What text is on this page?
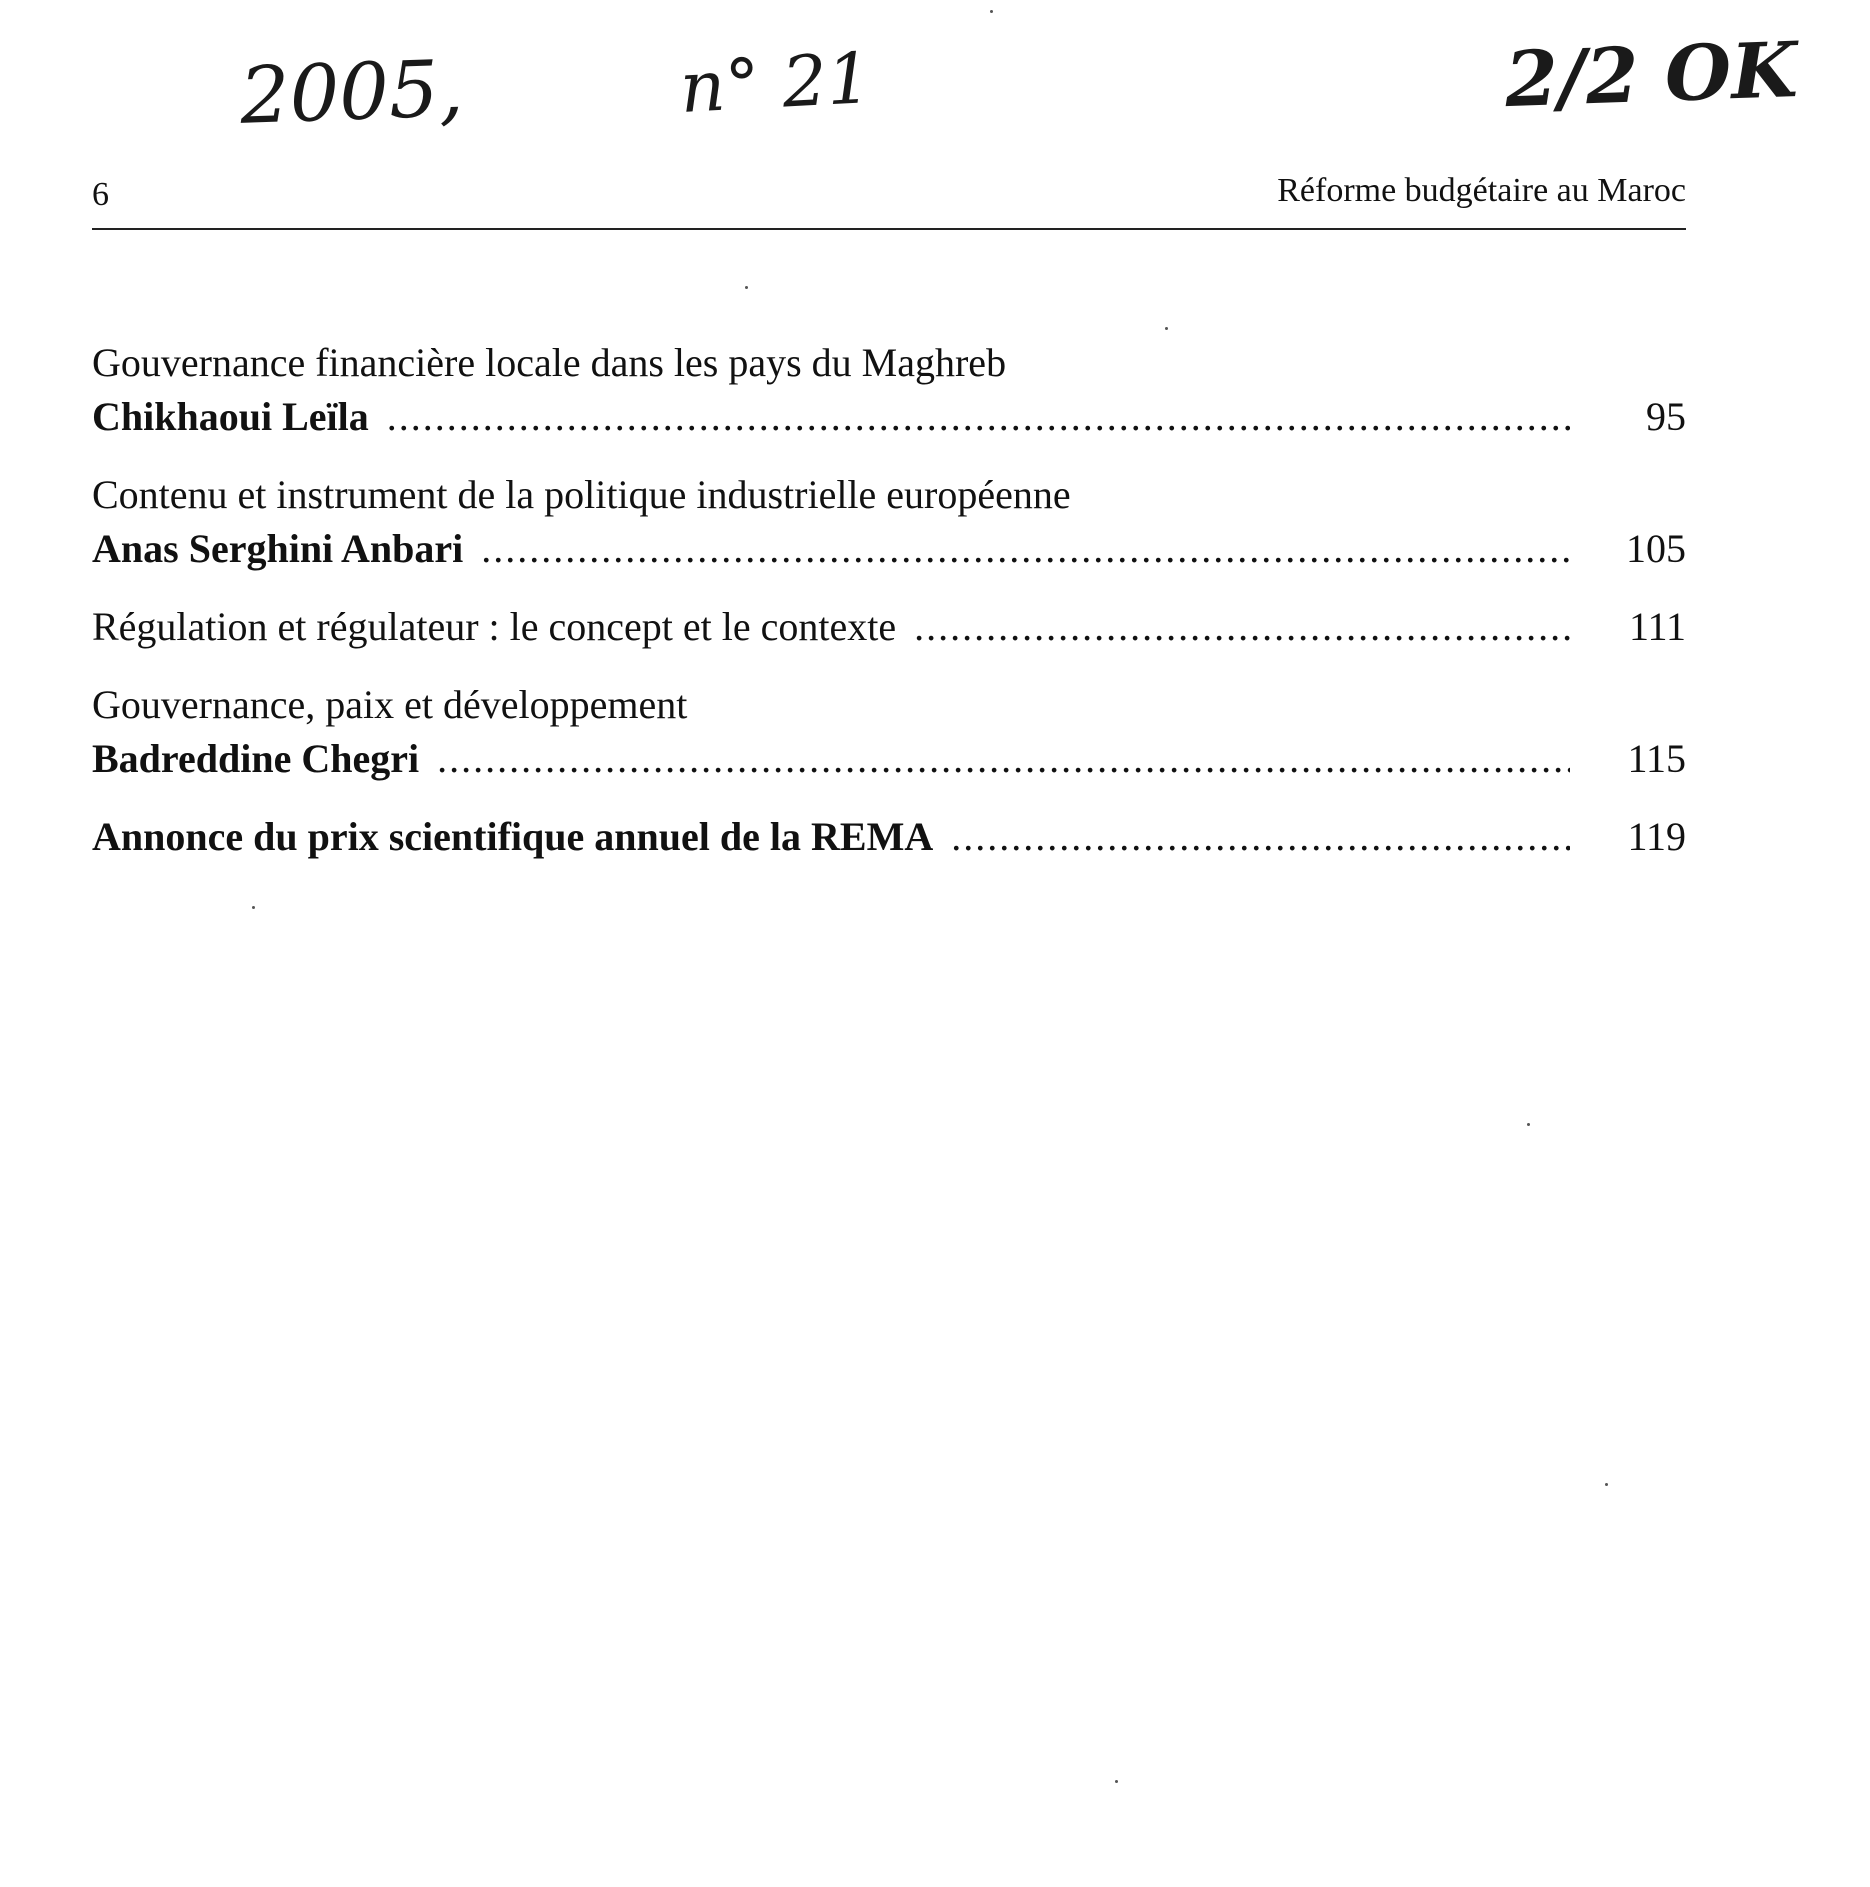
2005,	n° 21	2/2 OK
6	Réforme budgétaire au Maroc
Gouvernance financière locale dans les pays du Maghreb
Chikhaoui Leïla .....	95
Contenu et instrument de la politique industrielle européenne
Anas Serghini Anbari .....	105
Régulation et régulateur : le concept et le contexte .....	111
Gouvernance, paix et développement
Badreddine Chegri .....	115
Annonce du prix scientifique annuel de la REMA .....	119
